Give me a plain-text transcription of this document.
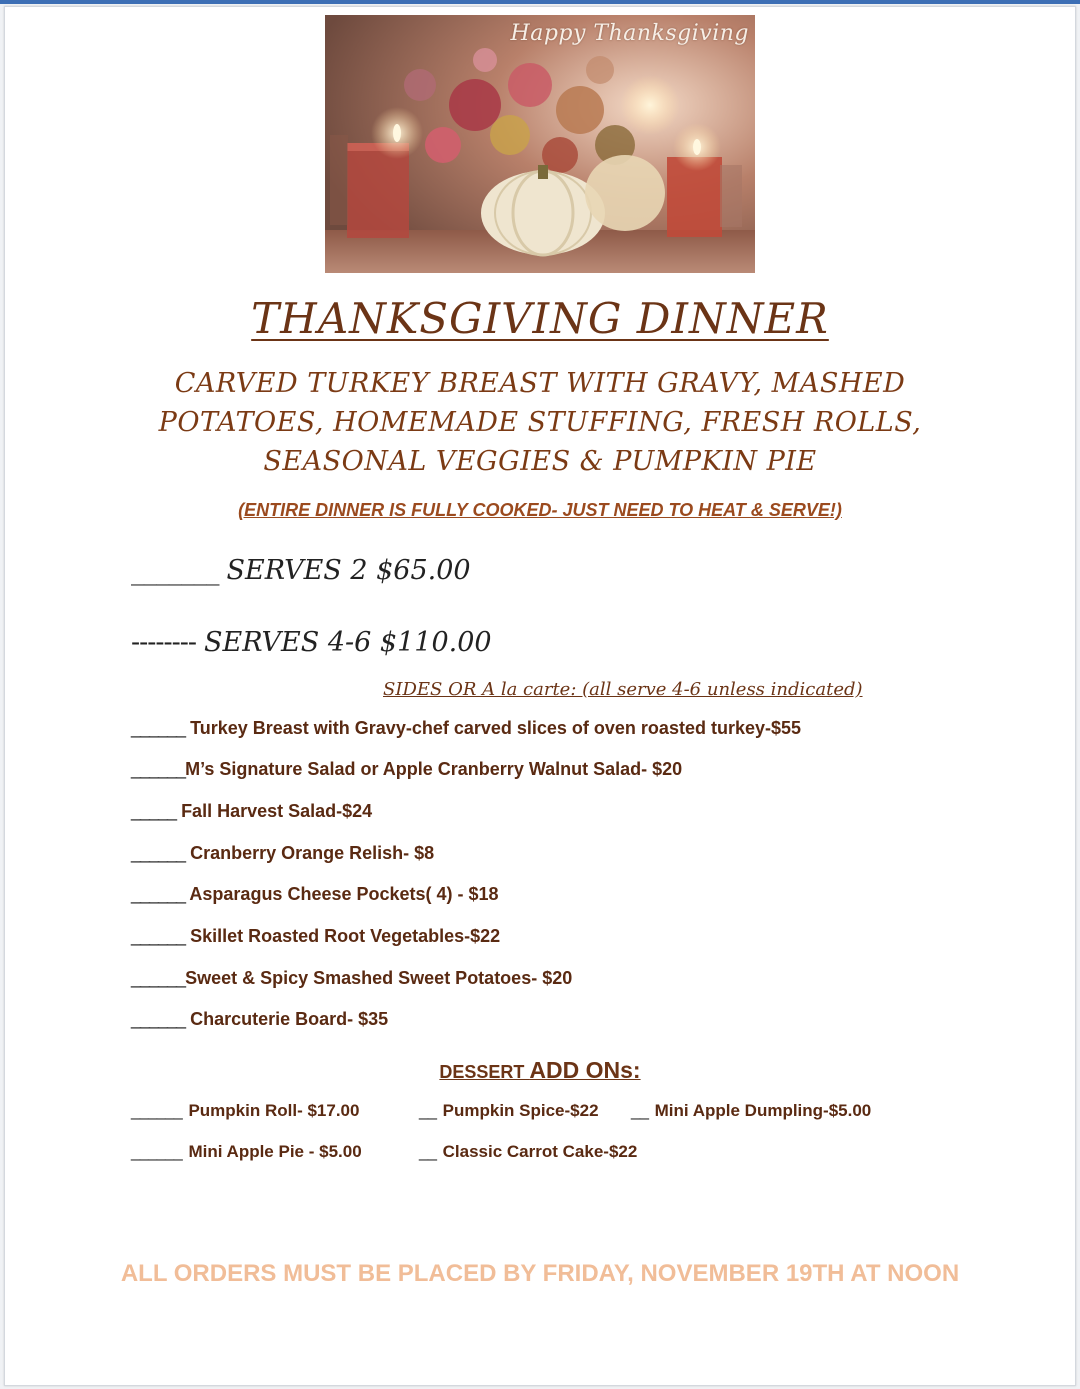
Happy Thanksgiving
THANKSGIVING DINNER
CARVED TURKEY BREAST WITH GRAVY, MASHED
POTATOES, HOMEMADE STUFFING, FRESH ROLLS,
SEASONAL VEGGIES & PUMPKIN PIE
(ENTIRE DINNER IS FULLY COOKED- JUST NEED TO HEAT & SERVE!)
_______ SERVES 2 $65.00
-------- SERVES 4-6 $110.00
SIDES OR A la carte: (all serve 4-6 unless indicated)
______ Turkey Breast with Gravy-chef carved slices of oven roasted turkey-$55
______M’s Signature Salad or Apple Cranberry Walnut Salad- $20
_____ Fall Harvest Salad-$24
______ Cranberry Orange Relish- $8
______ Asparagus Cheese Pockets( 4) - $18
______ Skillet Roasted Root Vegetables-$22
______Sweet & Spicy Smashed Sweet Potatoes- $20
______ Charcuterie Board- $35
DESSERT ADD ONs:
______ Pumpkin Roll- $17.00	__ Pumpkin Spice-$22 __ Mini Apple Dumpling-$5.00
______ Mini Apple Pie - $5.00	__ Classic Carrot Cake-$22
ALL ORDERS MUST BE PLACED BY FRIDAY, NOVEMBER 19TH AT NOON
